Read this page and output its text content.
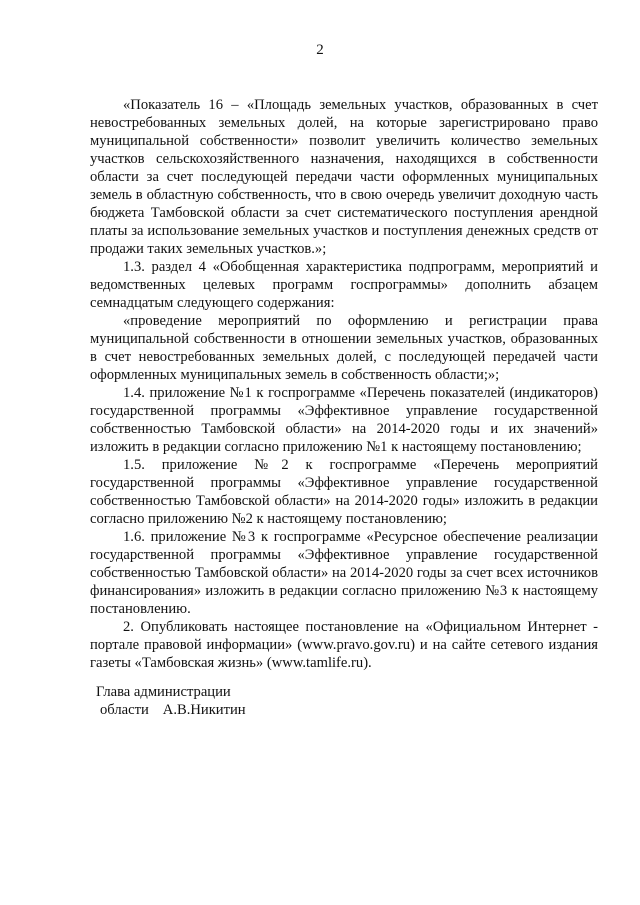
2

«Показатель 16 – «Площадь земельных участков, образованных в счет невостребованных земельных долей, на которые зарегистрировано право муниципальной собственности» позволит увеличить количество земельных участков сельскохозяйственного назначения, находящихся в собственности области за счет последующей передачи части оформленных муниципальных земель в областную собственность, что в свою очередь увеличит доходную часть бюджета Тамбовской области за счет систематического поступления арендной платы за использование земельных участков и поступления денежных средств от продажи таких земельных участков.»;

1.3. раздел 4 «Обобщенная характеристика подпрограмм, мероприятий и ведомственных целевых программ госпрограммы» дополнить абзацем семнадцатым следующего содержания:

«проведение мероприятий по оформлению и регистрации права муниципальной собственности в отношении земельных участков, образованных в счет невостребованных земельных долей, с последующей передачей части оформленных муниципальных земель в собственность области;»;

1.4. приложение №1 к госпрограмме «Перечень показателей (индикаторов) государственной программы «Эффективное управление государственной собственностью Тамбовской области» на 2014-2020 годы и их значений» изложить в редакции согласно приложению №1 к настоящему постановлению;

1.5. приложение №2 к госпрограмме «Перечень мероприятий государственной программы «Эффективное управление государственной собственностью Тамбовской области» на 2014-2020 годы» изложить в редакции согласно приложению №2 к настоящему постановлению;

1.6. приложение №3 к госпрограмме «Ресурсное обеспечение реализации государственной программы «Эффективное управление государственной собственностью Тамбовской области» на 2014-2020 годы за счет всех источников финансирования» изложить в редакции согласно приложению №3 к настоящему постановлению.

2. Опубликовать настоящее постановление на «Официальном Интернет - портале правовой информации» (www.pravo.gov.ru) и на сайте сетевого издания газеты «Тамбовская жизнь» (www.tamlife.ru).

Глава администрации
области А.В.Никитин
